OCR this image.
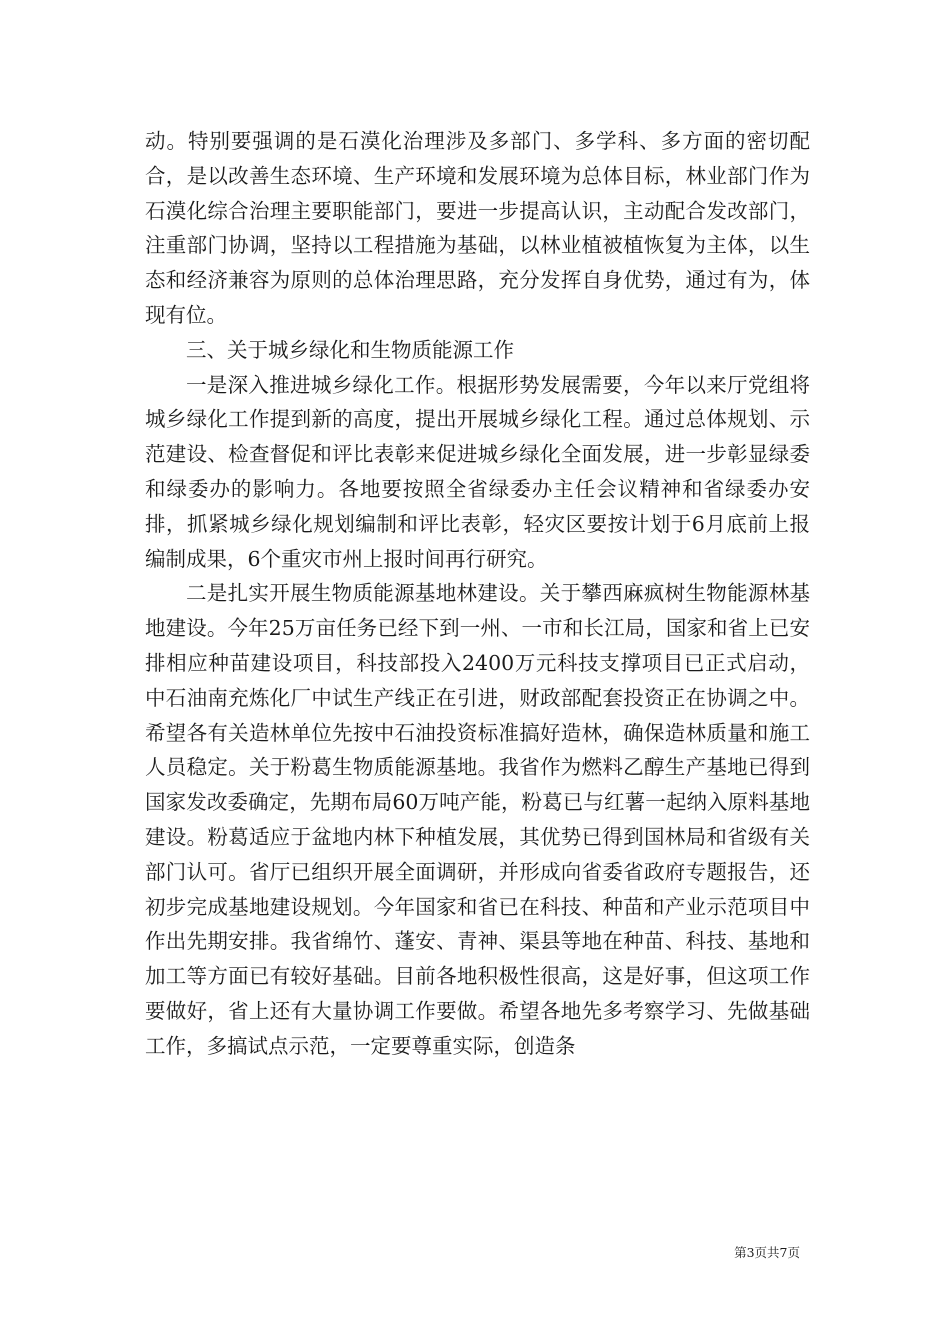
动。特别要强调的是石漠化治理涉及多部门、多学科、多方面的密切配合，是以改善生态环境、生产环境和发展环境为总体目标，林业部门作为石漠化综合治理主要职能部门，要进一步提高认识，主动配合发改部门，注重部门协调，坚持以工程措施为基础，以林业植被植恢复为主体，以生态和经济兼容为原则的总体治理思路，充分发挥自身优势，通过有为，体现有位。

三、关于城乡绿化和生物质能源工作

一是深入推进城乡绿化工作。根据形势发展需要，今年以来厅党组将城乡绿化工作提到新的高度，提出开展城乡绿化工程。通过总体规划、示范建设、检查督促和评比表彰来促进城乡绿化全面发展，进一步彰显绿委和绿委办的影响力。各地要按照全省绿委办主任会议精神和省绿委办安排，抓紧城乡绿化规划编制和评比表彰，轻灾区要按计划于6月底前上报编制成果，6个重灾市州上报时间再行研究。

二是扎实开展生物质能源基地林建设。关于攀西麻疯树生物能源林基地建设。今年25万亩任务已经下到一州、一市和长江局，国家和省上已安排相应种苗建设项目，科技部投入2400万元科技支撑项目已正式启动，中石油南充炼化厂中试生产线正在引进，财政部配套投资正在协调之中。希望各有关造林单位先按中石油投资标准搞好造林，确保造林质量和施工人员稳定。关于粉葛生物质能源基地。我省作为燃料乙醇生产基地已得到国家发改委确定，先期布局60万吨产能，粉葛已与红薯一起纳入原料基地建设。粉葛适应于盆地内林下种植发展，其优势已得到国林局和省级有关部门认可。省厅已组织开展全面调研，并形成向省委省政府专题报告，还初步完成基地建设规划。今年国家和省已在科技、种苗和产业示范项目中作出先期安排。我省绵竹、蓬安、青神、渠县等地在种苗、科技、基地和加工等方面已有较好基础。目前各地积极性很高，这是好事，但这项工作要做好，省上还有大量协调工作要做。希望各地先多考察学习、先做基础工作，多搞试点示范，一定要尊重实际，创造条

第3页共7页
